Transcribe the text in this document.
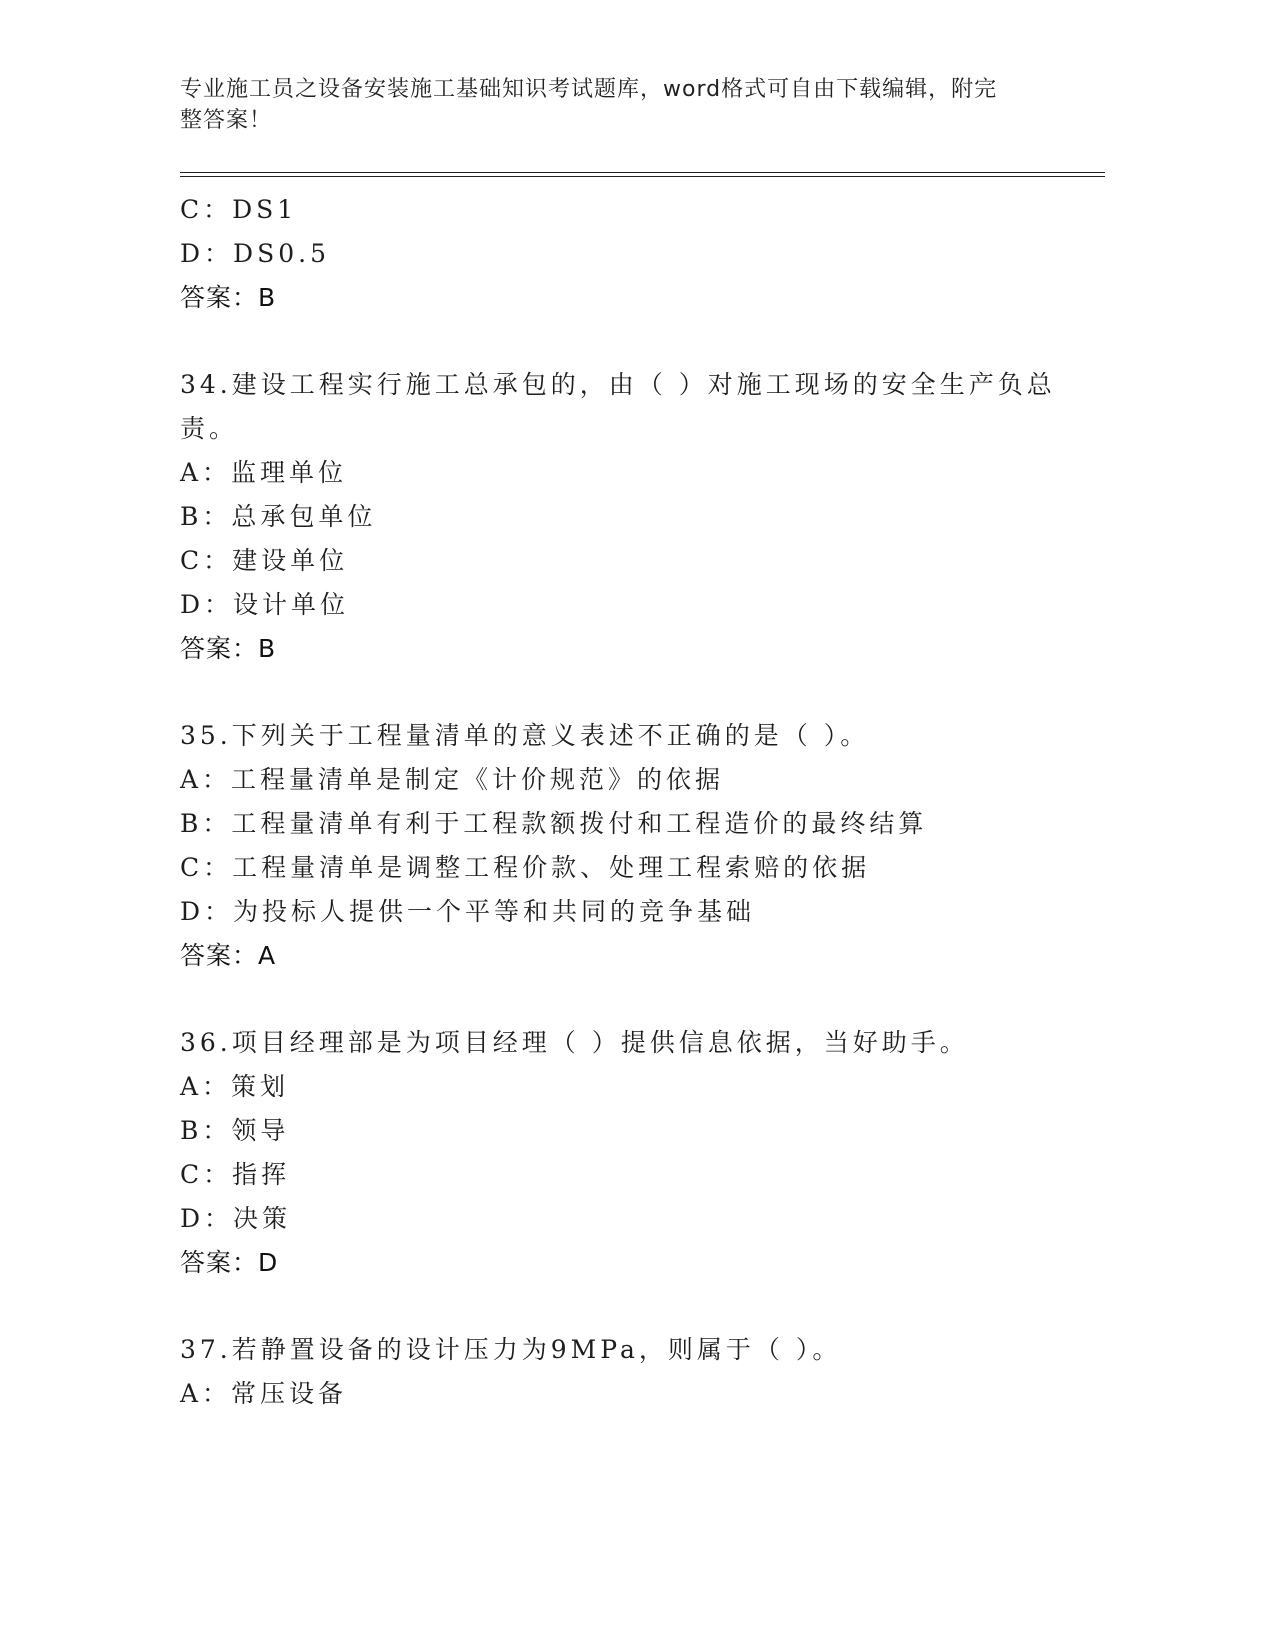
专业施工员之设备安装施工基础知识考试题库，word格式可自由下载编辑，附完
整答案！
C：DS1
D：DS0.5
答案：B
34.建设工程实行施工总承包的，由（ ）对施工现场的安全生产负总
责。
A：监理单位
B：总承包单位
C：建设单位
D：设计单位
答案：B
35.下列关于工程量清单的意义表述不正确的是（ ）。
A：工程量清单是制定《计价规范》的依据
B：工程量清单有利于工程款额拨付和工程造价的最终结算
C：工程量清单是调整工程价款、处理工程索赔的依据
D：为投标人提供一个平等和共同的竞争基础
答案：A
36.项目经理部是为项目经理（ ）提供信息依据，当好助手。
A：策划
B：领导
C：指挥
D：决策
答案：D
37.若静置设备的设计压力为9MPa，则属于（ ）。
A：常压设备
